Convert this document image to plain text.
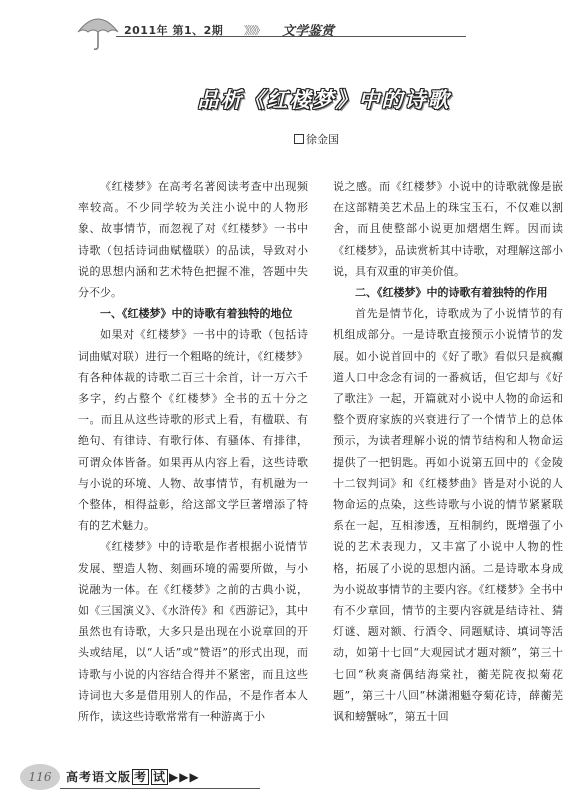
2011年 第1、2期 》》》》 文学鉴赏
品析《红楼梦》中的诗歌
徐金国

《红楼梦》在高考名著阅读考查中出现频率较高。不少同学较为关注小说中的人物形象、故事情节，而忽视了对《红楼梦》一书中诗歌（包括诗词曲赋楹联）的品读，导致对小说的思想内涵和艺术特色把握不准，答题中失分不少。

一、《红楼梦》中的诗歌有着独特的地位

如果对《红楼梦》一书中的诗歌（包括诗词曲赋对联）进行一个粗略的统计，《红楼梦》有各种体裁的诗歌二百三十余首，计一万六千多字，约占整个《红楼梦》全书的五十分之一。而且从这些诗歌的形式上看，有楹联、有绝句、有律诗、有歌行体、有骚体、有排律，可谓众体皆备。如果再从内容上看，这些诗歌与小说的环境、人物、故事情节，有机融为一个整体，相得益彰，给这部文学巨著增添了特有的艺术魅力。

《红楼梦》中的诗歌是作者根据小说情节发展、塑造人物、刻画环境的需要所做，与小说融为一体。在《红楼梦》之前的古典小说，如《三国演义》、《水浒传》和《西游记》，其中虽然也有诗歌，大多只是出现在小说章回的开头或结尾，以“人话”或“赞语”的形式出现，而诗歌与小说的内容结合得并不紧密，而且这些诗词也大多是借用别人的作品，不是作者本人所作，读这些诗歌常常有一种游离于小

说之感。而《红楼梦》小说中的诗歌就像是嵌在这部精美艺术品上的珠宝玉石，不仅难以割舍，而且使整部小说更加熠熠生辉。因而读《红楼梦》，品读赏析其中诗歌，对理解这部小说，具有双重的审美价值。

二、《红楼梦》中的诗歌有着独特的作用

首先是情节化，诗歌成为了小说情节的有机组成部分。一是诗歌直接预示小说情节的发展。如小说首回中的《好了歌》看似只是疯癫道人口中念念有词的一番疯话，但它却与《好了歌注》一起，开篇就对小说中人物的命运和整个贾府家族的兴衰进行了一个情节上的总体预示，为读者理解小说的情节结构和人物命运提供了一把钥匙。再如小说第五回中的《金陵十二钗判词》和《红楼梦曲》皆是对小说的人物命运的点染，这些诗歌与小说的情节紧紧联系在一起，互相渗透，互相制约，既增强了小说的艺术表现力，又丰富了小说中人物的性格，拓展了小说的思想内涵。二是诗歌本身成为小说故事情节的主要内容。《红楼梦》全书中有不少章回，情节的主要内容就是结诗社、猜灯谜、题对额、行酒令、同题赋诗、填词等活动，如第十七回“大观园试才题对额”，第三十七回“秋爽斋偶结海棠社，蘅芜院夜拟菊花题”，第三十八回“林潇湘魁夺菊花诗，薛蘅芜讽和螃蟹咏”，第五十回

116	高考语文版 考 试 ▶▶▶
